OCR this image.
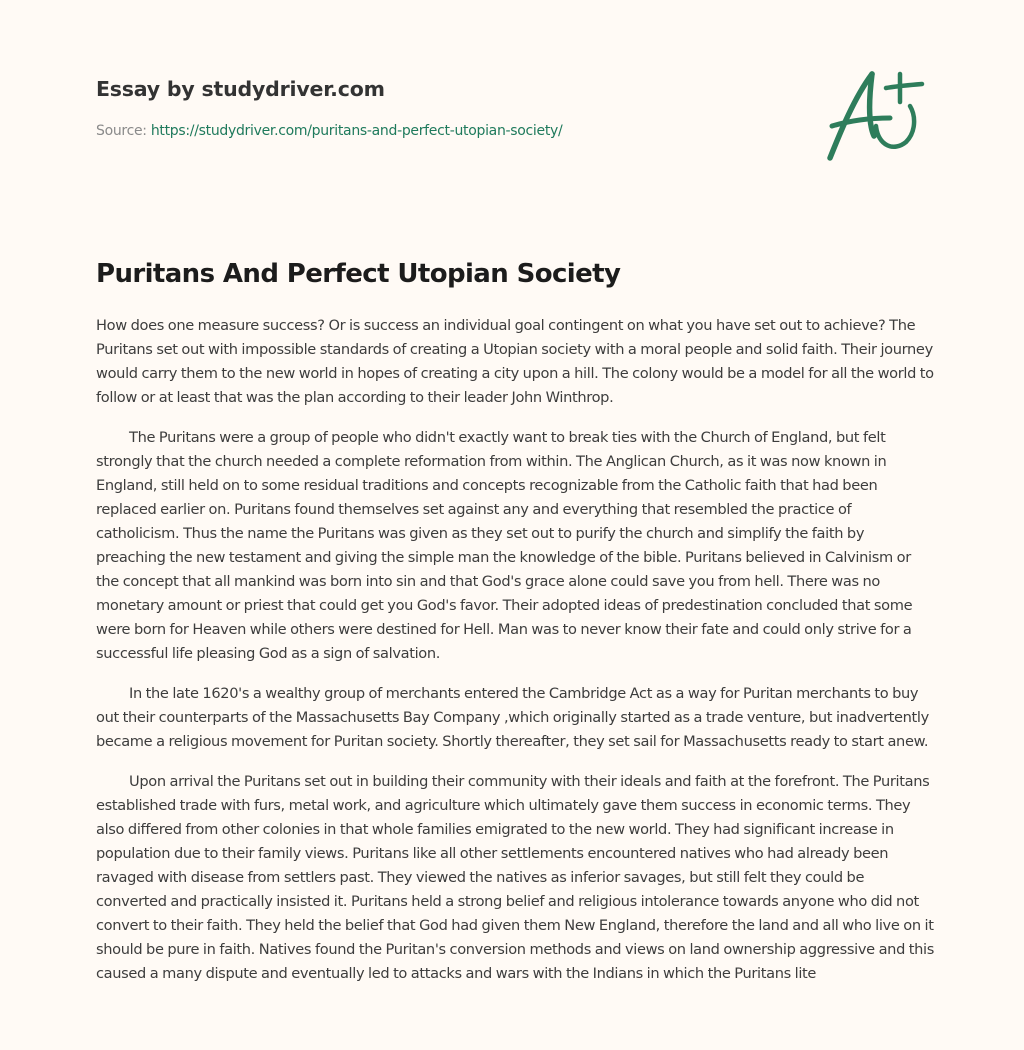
Essay by studydriver.com
Source: https://studydriver.com/puritans-and-perfect-utopian-society/
Puritans And Perfect Utopian Society

How does one measure success? Or is success an individual goal contingent on what you have set out to achieve? The Puritans set out with impossible standards of creating a Utopian society with a moral people and solid faith. Their journey would carry them to the new world in hopes of creating a city upon a hill. The colony would be a model for all the world to follow or at least that was the plan according to their leader John Winthrop.

The Puritans were a group of people who didn't exactly want to break ties with the Church of England, but felt strongly that the church needed a complete reformation from within. The Anglican Church, as it was now known in England, still held on to some residual traditions and concepts recognizable from the Catholic faith that had been replaced earlier on. Puritans found themselves set against any and everything that resembled the practice of catholicism. Thus the name the Puritans was given as they set out to purify the church and simplify the faith by preaching the new testament and giving the simple man the knowledge of the bible. Puritans believed in Calvinism or the concept that all mankind was born into sin and that God's grace alone could save you from hell. There was no monetary amount or priest that could get you God's favor. Their adopted ideas of predestination concluded that some were born for Heaven while others were destined for Hell. Man was to never know their fate and could only strive for a successful life pleasing God as a sign of salvation.

In the late 1620's a wealthy group of merchants entered the Cambridge Act as a way for Puritan merchants to buy out their counterparts of the Massachusetts Bay Company ,which originally started as a trade venture, but inadvertently became a religious movement for Puritan society. Shortly thereafter, they set sail for Massachusetts ready to start anew.

Upon arrival the Puritans set out in building their community with their ideals and faith at the forefront. The Puritans established trade with furs, metal work, and agriculture which ultimately gave them success in economic terms. They also differed from other colonies in that whole families emigrated to the new world. They had significant increase in population due to their family views. Puritans like all other settlements encountered natives who had already been ravaged with disease from settlers past. They viewed the natives as inferior savages, but still felt they could be converted and practically insisted it. Puritans held a strong belief and religious intolerance towards anyone who did not convert to their faith. They held the belief that God had given them New England, therefore the land and all who live on it should be pure in faith. Natives found the Puritan's conversion methods and views on land ownership aggressive and this caused a many dispute and eventually led to attacks and wars with the Indians in which the Puritans lite
